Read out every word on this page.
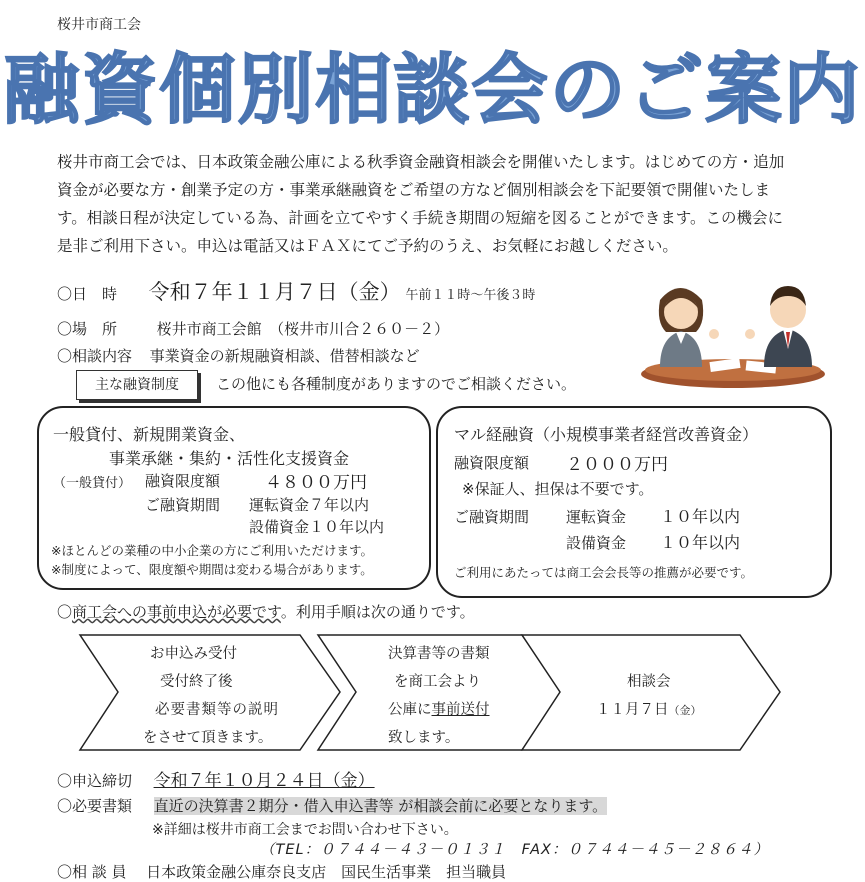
桜井市商工会
融資個別相談会のご案内
桜井市商工会では、日本政策金融公庫による秋季資金融資相談会を開催いたします。はじめての方・追加
資金が必要な方・創業予定の方・事業承継融資をご希望の方など個別相談会を下記要領で開催いたしま
す。相談日程が決定している為、計画を立てやすく手続き期間の短縮を図ることができます。この機会に
是非ご利用下さい。申込は電話又はＦＡＸにてご予約のうえ、お気軽にお越しください。
〇日　時 令和７年１１月７日（金） 午前１１時～午後３時
〇場　所	桜井市商工会館　（桜井市川合２６０－２）
〇相談内容 事業資金の新規融資相談、借替相談など
主な融資制度	この他にも各種制度がありますのでご相談ください。
一般貸付、新規開業資金、
事業承継・集約・活性化支援資金
（一般貸付） 融資限度額	４８００万円
ご融資期間 運転資金７年以内
設備資金１０年以内
※ほとんどの業種の中小企業の方にご利用いただけます。
※制度によって、限度額や期間は変わる場合があります。
マル経融資（小規模事業者経営改善資金）
融資限度額 ２０００万円
※保証人、担保は不要です。
ご融資期間 運転資金 １０年以内
設備資金 １０年以内
ご利用にあたっては商工会会長等の推薦が必要です。
〇商工会への事前申込が必要です。利用手順は次の通りです。
お申込み受付
受付終了後
必要書類等の説明
をさせて頂きます。
決算書等の書類
を商工会より
公庫に事前送付
致します。
相談会
１１月７日（金）
〇申込締切 令和７年１０月２４日（金）
〇必要書類 直近の決算書２期分・借入申込書等 が相談会前に必要となります。
※詳細は桜井市商工会までお問い合わせ下さい。
（TEL：０７４４－４３－０１３１　FAX：０７４４－４５－２８６４）
〇相 談 員 日本政策金融公庫奈良支店　国民生活事業　担当職員
